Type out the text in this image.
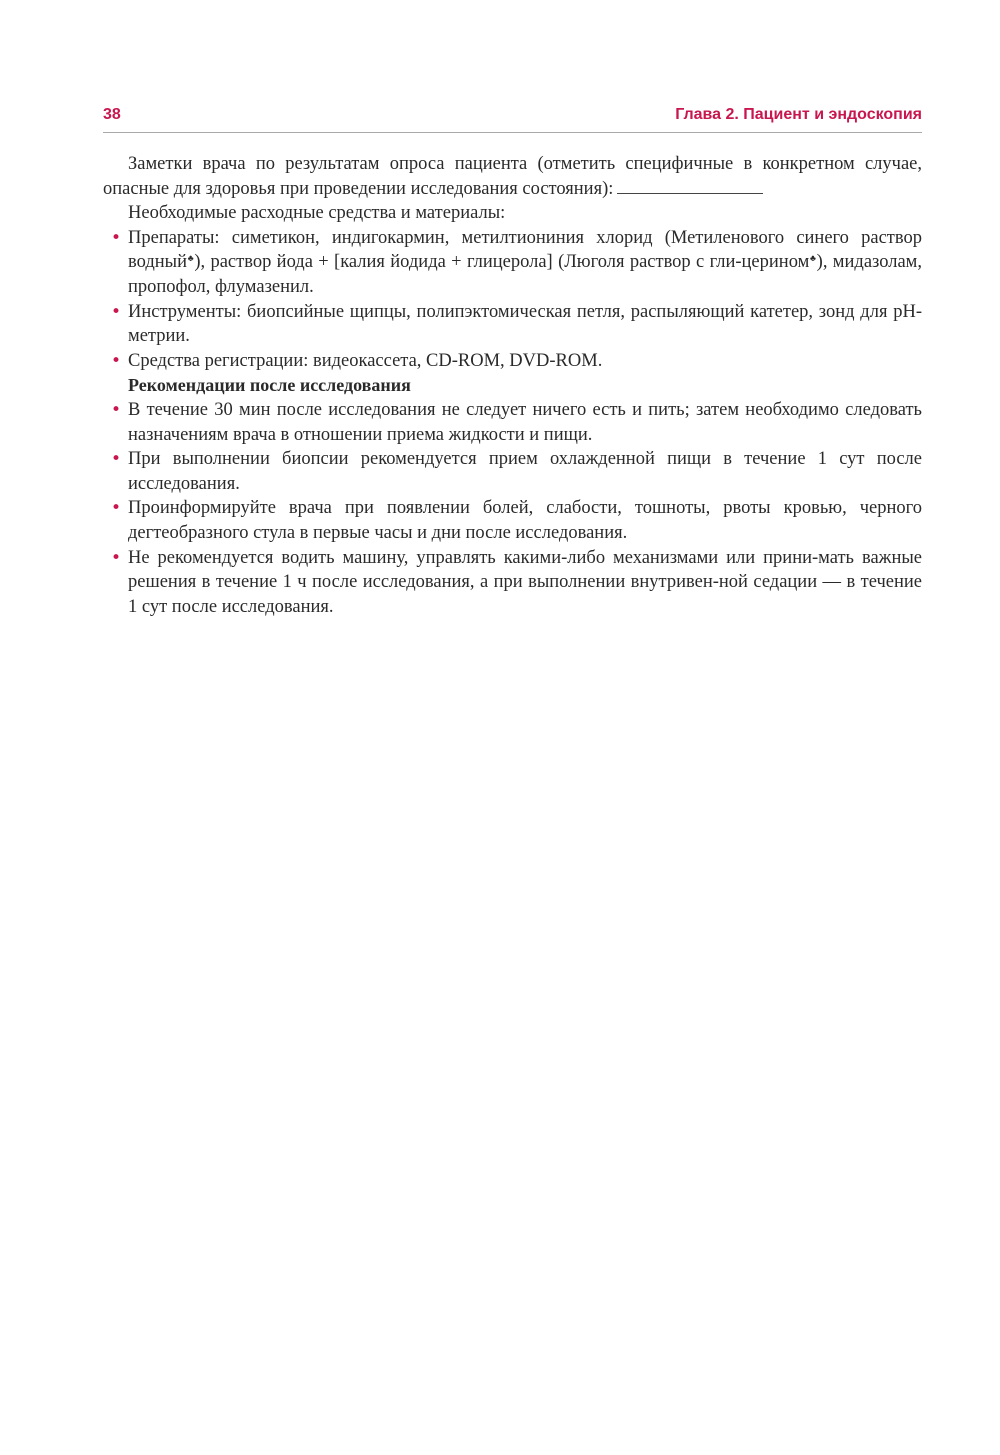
38	Глава 2. Пациент и эндоскопия

Заметки врача по результатам опроса пациента (отметить специфичные в конкретном случае, опасные для здоровья при проведении исследования состояния):

Необходимые расходные средства и материалы:

• Препараты: симетикон, индигокармин, метилтиониния хлорид (Метиленового синего раствор водный♣), раствор йода + [калия йодида + глицерола] (Люголя раствор с гли-церином♣), мидазолам, пропофол, флумазенил.
• Инструменты: биопсийные щипцы, полипэктомическая петля, распыляющий катетер, зонд для pH-метрии.
• Средства регистрации: видеокассета, CD-ROM, DVD-ROM.

Рекомендации после исследования

• В течение 30 мин после исследования не следует ничего есть и пить; затем необходимо следовать назначениям врача в отношении приема жидкости и пищи.
• При выполнении биопсии рекомендуется прием охлажденной пищи в течение 1 сут после исследования.
• Проинформируйте врача при появлении болей, слабости, тошноты, рвоты кровью, черного дегтеобразного стула в первые часы и дни после исследования.
• Не рекомендуется водить машину, управлять какими-либо механизмами или прини-мать важные решения в течение 1 ч после исследования, а при выполнении внутривен-ной седации — в течение 1 сут после исследования.
